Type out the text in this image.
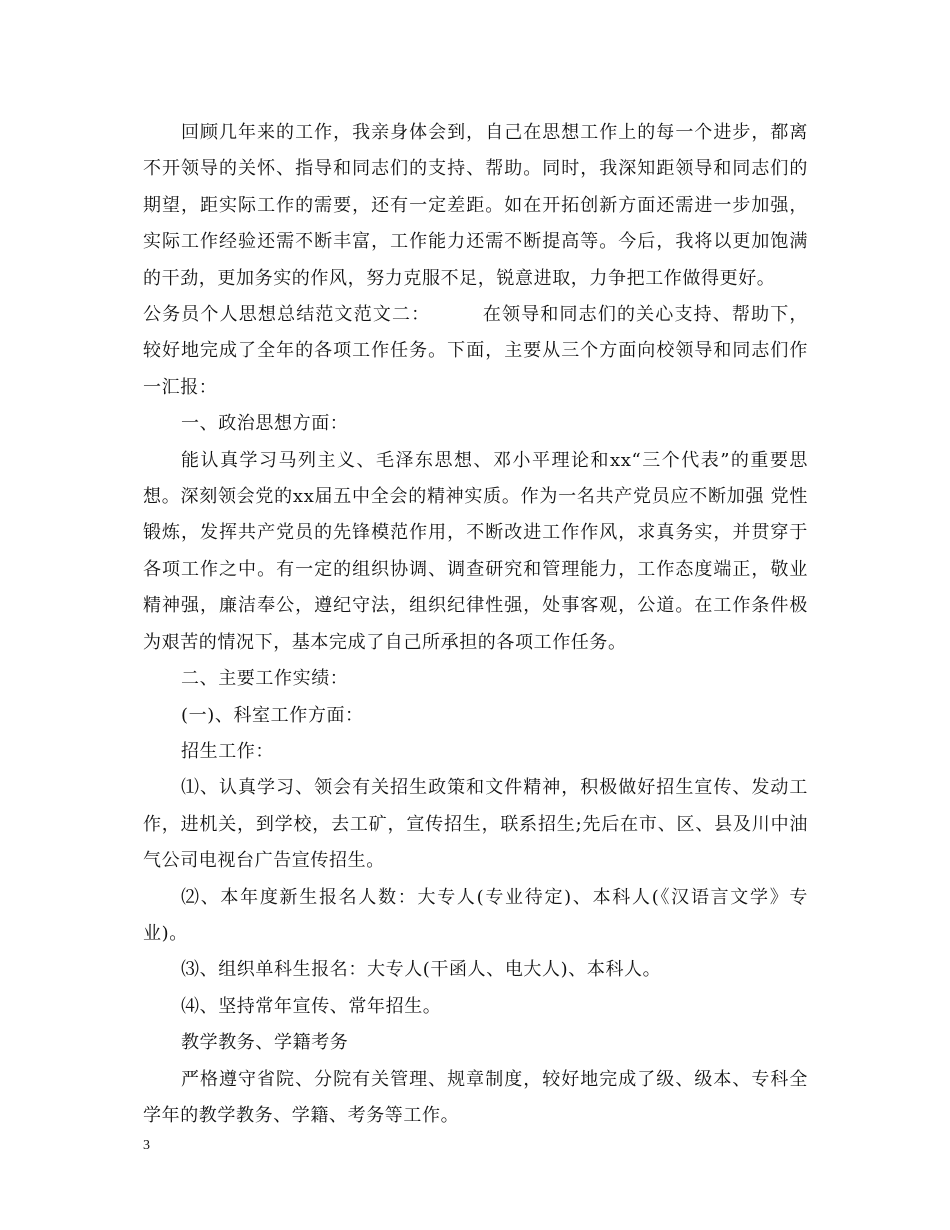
回顾几年来的工作，我亲身体会到，自己在思想工作上的每一个进步，都离不开领导的关怀、指导和同志们的支持、帮助。同时，我深知距领导和同志们的期望，距实际工作的需要，还有一定差距。如在开拓创新方面还需进一步加强，实际工作经验还需不断丰富，工作能力还需不断提高等。今后，我将以更加饱满的干劲，更加务实的作风，努力克服不足，锐意进取，力争把工作做得更好。

公务员个人思想总结范文范文二：	在领导和同志们的关心支持、帮助下，较好地完成了全年的各项工作任务。下面，主要从三个方面向校领导和同志们作一汇报：

一、政治思想方面：

能认真学习马列主义、毛泽东思想、邓小平理论和xx“三个代表”的重要思想。深刻领会党的xx届五中全会的精神实质。作为一名共产党员应不断加强 党性锻炼，发挥共产党员的先锋模范作用，不断改进工作作风，求真务实，并贯穿于各项工作之中。有一定的组织协调、调查研究和管理能力，工作态度端正，敬业精神强，廉洁奉公，遵纪守法，组织纪律性强，处事客观，公道。在工作条件极为艰苦的情况下，基本完成了自己所承担的各项工作任务。

二、主要工作实绩：

(一)、科室工作方面：

招生工作：

⑴、认真学习、领会有关招生政策和文件精神，积极做好招生宣传、发动工作，进机关，到学校，去工矿，宣传招生，联系招生;先后在市、区、县及川中油气公司电视台广告宣传招生。

⑵、本年度新生报名人数：大专人(专业待定)、本科人(《汉语言文学》专业)。

⑶、组织单科生报名：大专人(干函人、电大人)、本科人。

⑷、坚持常年宣传、常年招生。

教学教务、学籍考务

严格遵守省院、分院有关管理、规章制度，较好地完成了级、级本、专科全学年的教学教务、学籍、考务等工作。

3
